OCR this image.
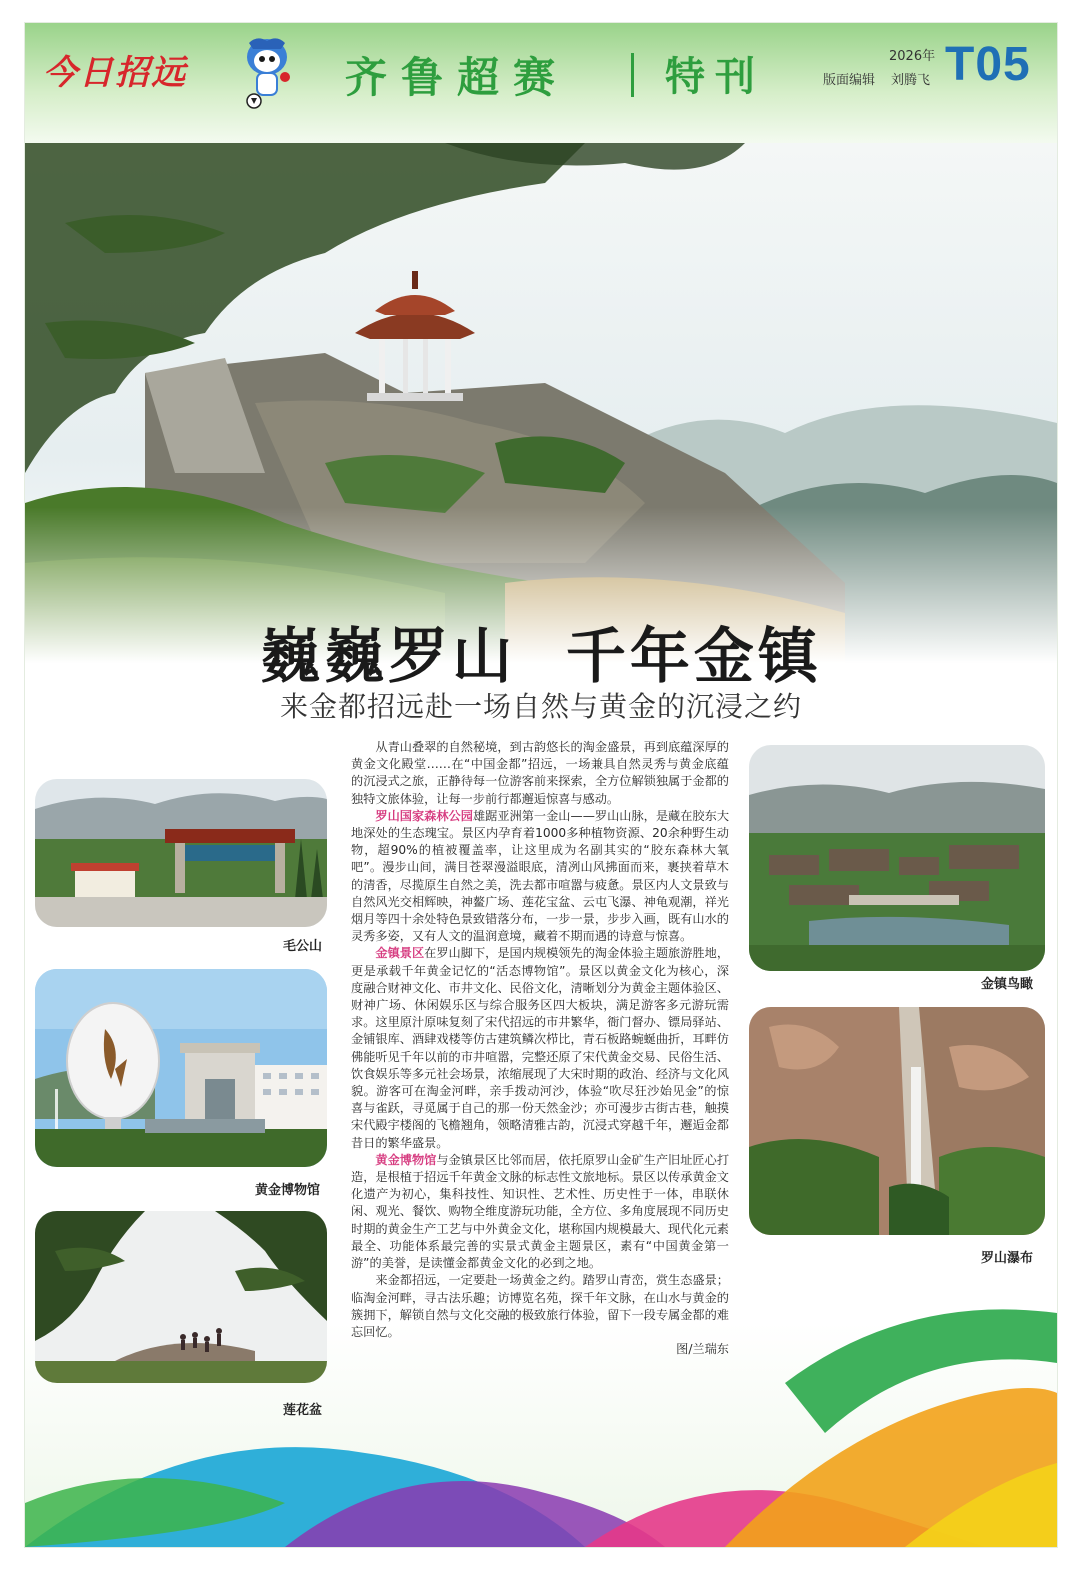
今日招远	齐鲁超赛 特刊	2026年
版面编辑 刘腾飞 T05
巍巍罗山  千年金镇
来金都招远赴一场自然与黄金的沉浸之约
毛公山
黄金博物馆
莲花盆

从青山叠翠的自然秘境，到古韵悠长的淘金盛景，再到底蕴深厚的黄金文化殿堂……在“中国金都”招远，一场兼具自然灵秀与黄金底蕴的沉浸式之旅，正静待每一位游客前来探索，全方位解锁独属于金都的独特文旅体验，让每一步前行都邂逅惊喜与感动。

罗山国家森林公园雄踞亚洲第一金山——罗山山脉，是藏在胶东大地深处的生态瑰宝。景区内孕育着1000多种植物资源、20余种野生动物，超90%的植被覆盖率，让这里成为名副其实的“胶东森林大氧吧”。漫步山间，满目苍翠漫溢眼底，清冽山风拂面而来，裹挟着草木的清香，尽揽原生自然之美，洗去都市喧嚣与疲惫。景区内人文景致与自然风光交相辉映，神鳌广场、莲花宝盆、云屯飞瀑、神龟观潮，祥光烟月等四十余处特色景致错落分布，一步一景，步步入画，既有山水的灵秀多姿，又有人文的温润意境，藏着不期而遇的诗意与惊喜。

金镇景区在罗山脚下，是国内规模领先的淘金体验主题旅游胜地，更是承载千年黄金记忆的“活态博物馆”。景区以黄金文化为核心，深度融合财神文化、市井文化、民俗文化，清晰划分为黄金主题体验区、财神广场、休闲娱乐区与综合服务区四大板块，满足游客多元游玩需求。这里原汁原味复刻了宋代招远的市井繁华，衙门督办、镖局驿站、金铺银库、酒肆戏楼等仿古建筑鳞次栉比，青石板路蜿蜒曲折，耳畔仿佛能听见千年以前的市井喧嚣，完整还原了宋代黄金交易、民俗生活、饮食娱乐等多元社会场景，浓缩展现了大宋时期的政治、经济与文化风貌。游客可在淘金河畔，亲手拨动河沙，体验“吹尽狂沙始见金”的惊喜与雀跃，寻觅属于自己的那一份天然金沙；亦可漫步古街古巷，触摸宋代殿宇楼阁的飞檐翘角，领略清雅古韵，沉浸式穿越千年，邂逅金都昔日的繁华盛景。

黄金博物馆与金镇景区比邻而居，依托原罗山金矿生产旧址匠心打造，是根植于招远千年黄金文脉的标志性文旅地标。景区以传承黄金文化遗产为初心，集科技性、知识性、艺术性、历史性于一体，串联休闲、观光、餐饮、购物全维度游玩功能，全方位、多角度展现不同历史时期的黄金生产工艺与中外黄金文化，堪称国内规模最大、现代化元素最全、功能体系最完善的实景式黄金主题景区，素有“中国黄金第一游”的美誉，是读懂金都黄金文化的必到之地。

来金都招远，一定要赴一场黄金之约。踏罗山青峦，赏生态盛景；临淘金河畔，寻古法乐趣；访博览名苑，探千年文脉，在山水与黄金的簇拥下，解锁自然与文化交融的极致旅行体验，留下一段专属金都的难忘回忆。

图/兰瑞东
金镇鸟瞰
罗山瀑布
